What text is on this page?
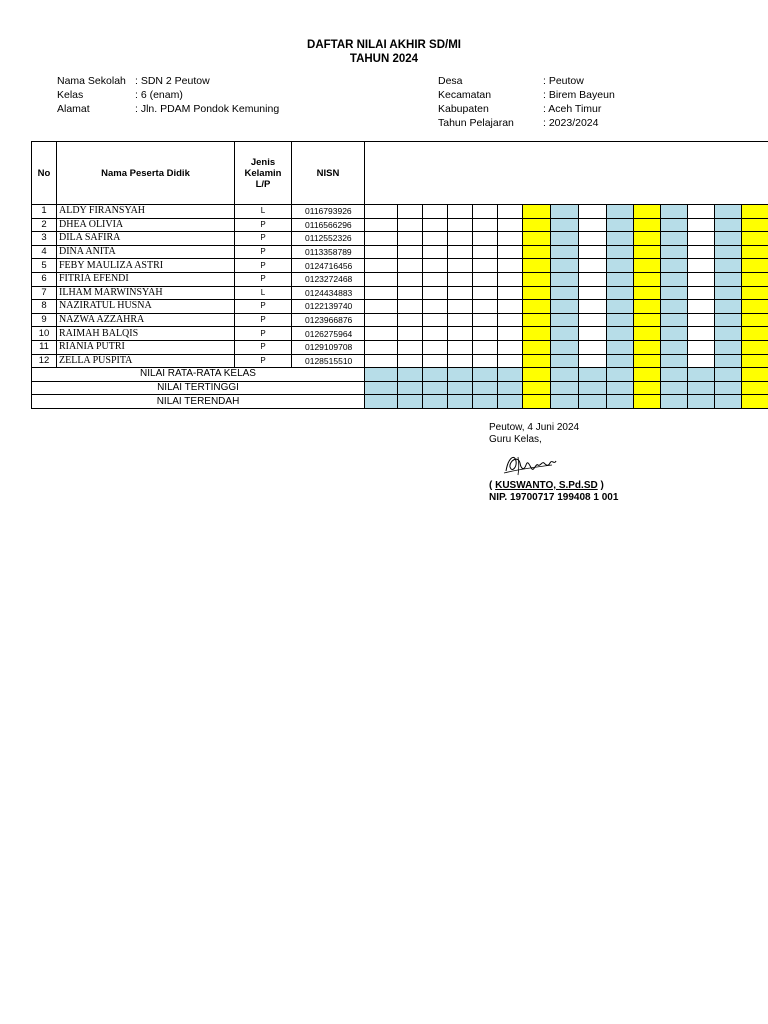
DAFTAR NILAI AKHIR SD/MI
TAHUN 2024
Nama Sekolah : SDN 2 Peutow
Kelas	: 6 (enam)
Alamat	: Jln. PDAM Pondok Kemuning
Desa	: Peutow
Kecamatan	: Birem Bayeun
Kabupaten	: Aceh Timur
Tahun Pelajaran	: 2023/2024
No	Nama Peserta Didik	Jenis
Kelamin
L/P	NISN															
1	ALDY FIRANSYAH	L	0116793926															
2	DHEA OLIVIA	P	0116566296															
3	DILA SAFIRA	P	0112552326															
4	DINA ANITA	P	0113358789															
5	FEBY MAULIZA ASTRI	P	0124716456															
6	FITRIA EFENDI	P	0123272468															
7	ILHAM MARWINSYAH	L	0124434883															
8	NAZIRATUL HUSNA	P	0122139740															
9	NAZWA AZZAHRA	P	0123966876															
10	RAIMAH BALQIS	P	0126275964															
11	RIANIA PUTRI	P	0129109708															
12	ZELLA PUSPITA	P	0128515510															
NILAI RATA-RATA KELAS																		
NILAI TERTINGGI																		
NILAI TERENDAH																		
Peutow, 4 Juni 2024
Guru Kelas,
( KUSWANTO, S.Pd.SD )
NIP. 19700717 199408 1 001
